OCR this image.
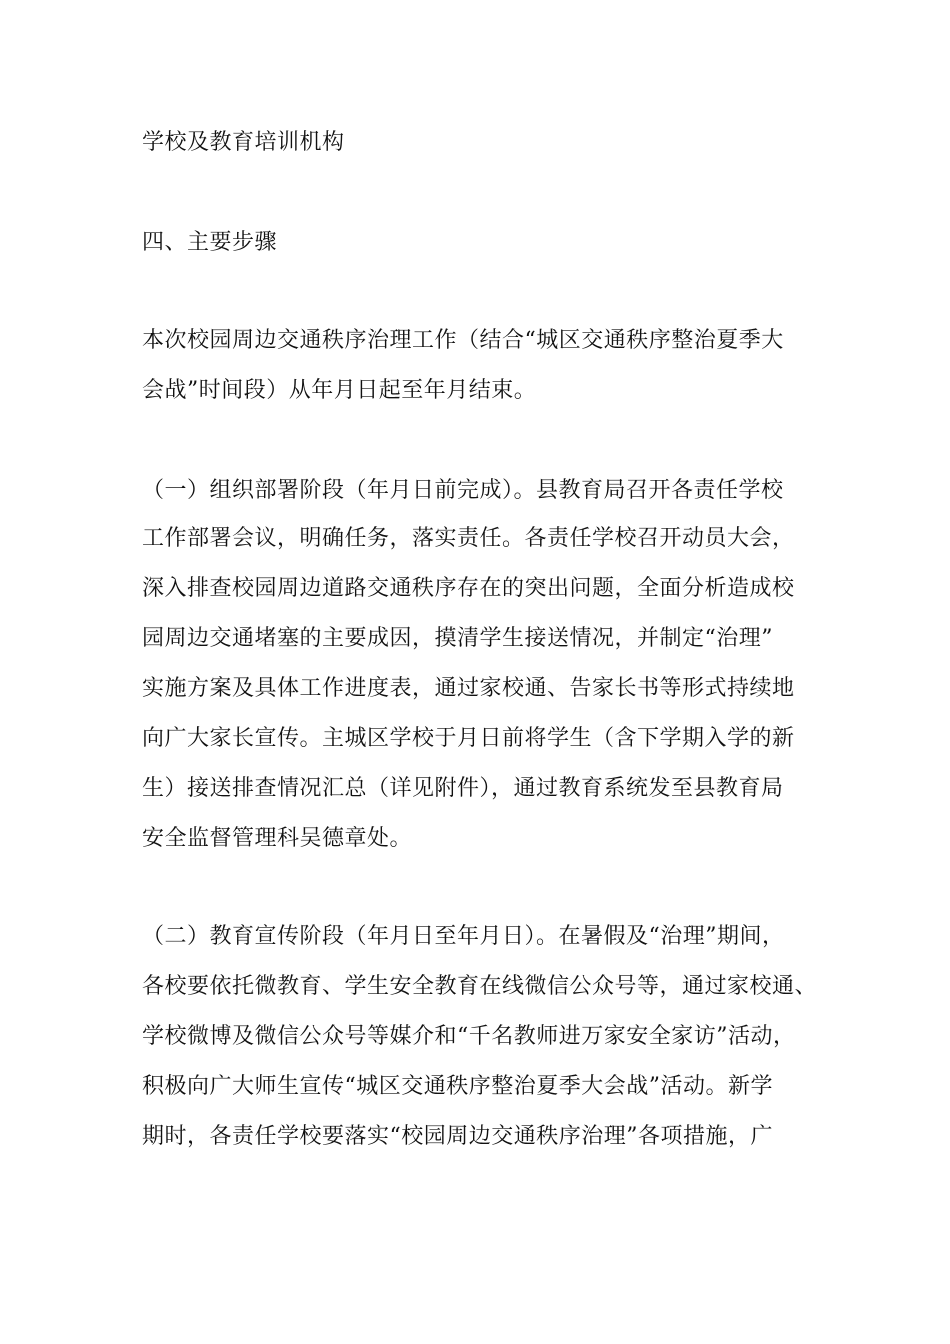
学校及教育培训机构
四、主要步骤
本次校园周边交通秩序治理工作（结合“城区交通秩序整治夏季大
会战”时间段）从年月日起至年月结束。
（一）组织部署阶段（年月日前完成）。县教育局召开各责任学校
工作部署会议，明确任务，落实责任。各责任学校召开动员大会，
深入排查校园周边道路交通秩序存在的突出问题，全面分析造成校
园周边交通堵塞的主要成因，摸清学生接送情况，并制定“治理”
实施方案及具体工作进度表，通过家校通、告家长书等形式持续地
向广大家长宣传。主城区学校于月日前将学生（含下学期入学的新
生）接送排查情况汇总（详见附件），通过教育系统发至县教育局
安全监督管理科吴德章处。
（二）教育宣传阶段（年月日至年月日）。在暑假及“治理”期间，
各校要依托微教育、学生安全教育在线微信公众号等，通过家校通、
学校微博及微信公众号等媒介和“千名教师进万家安全家访”活动，
积极向广大师生宣传“城区交通秩序整治夏季大会战”活动。新学
期时，各责任学校要落实“校园周边交通秩序治理”各项措施，广
